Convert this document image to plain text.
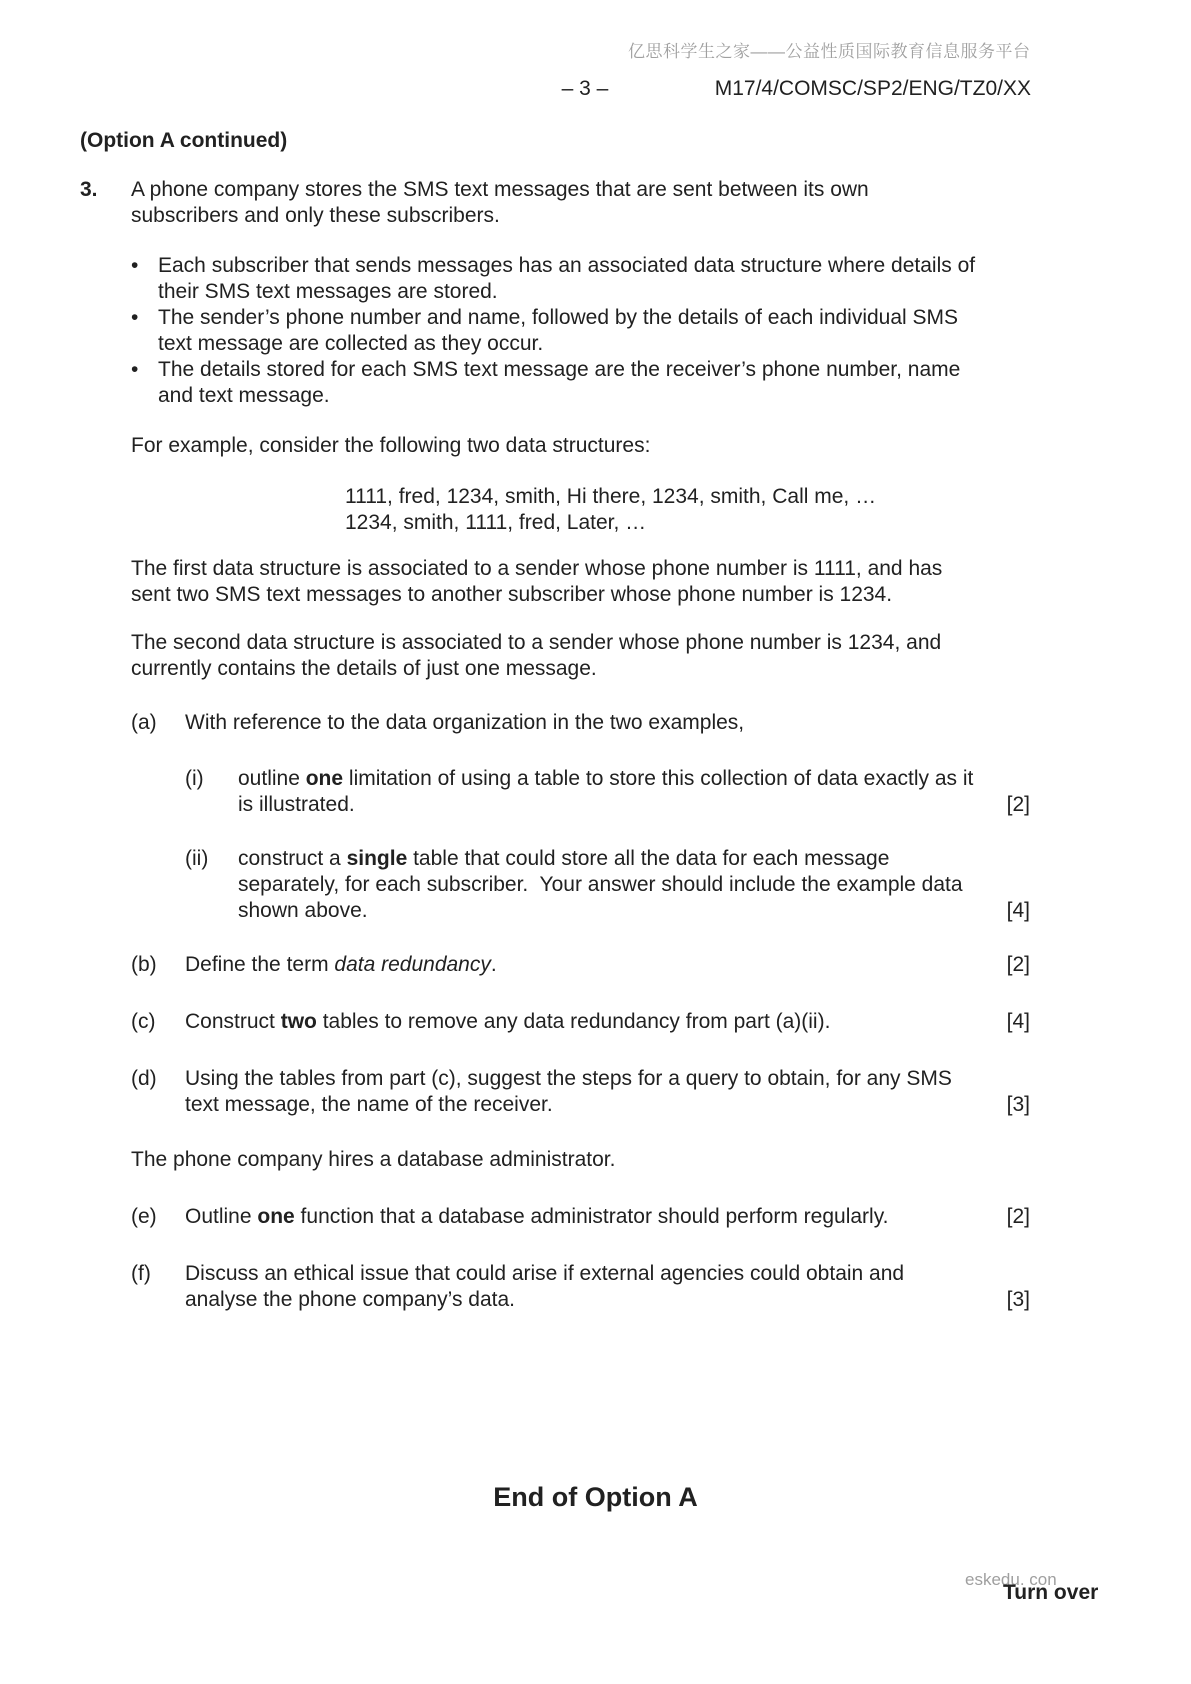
亿思科学生之家——公益性质国际教育信息服务平台
– 3 –	M17/4/COMSC/SP2/ENG/TZ0/XX
(Option A continued)
3.	A phone company stores the SMS text messages that are sent between its own subscribers and only these subscribers.
• Each subscriber that sends messages has an associated data structure where details of their SMS text messages are stored.
• The sender’s phone number and name, followed by the details of each individual SMS text message are collected as they occur.
• The details stored for each SMS text message are the receiver’s phone number, name and text message.
For example, consider the following two data structures:
1111, fred, 1234, smith, Hi there, 1234, smith, Call me, …
1234, smith, 1111, fred, Later, …
The first data structure is associated to a sender whose phone number is 1111, and has sent two SMS text messages to another subscriber whose phone number is 1234.
The second data structure is associated to a sender whose phone number is 1234, and currently contains the details of just one message.
(a)	With reference to the data organization in the two examples,
(i)	outline one limitation of using a table to store this collection of data exactly as it is illustrated.	[2]
(ii)	construct a single table that could store all the data for each message separately, for each subscriber.  Your answer should include the example data shown above.	[4]
(b)	Define the term data redundancy.	[2]
(c)	Construct two tables to remove any data redundancy from part (a)(ii).	[4]
(d)	Using the tables from part (c), suggest the steps for a query to obtain, for any SMS text message, the name of the receiver.	[3]
The phone company hires a database administrator.
(e)	Outline one function that a database administrator should perform regularly.	[2]
(f)	Discuss an ethical issue that could arise if external agencies could obtain and analyse the phone company’s data.	[3]
End of Option A
eskedu. con
Turn over
